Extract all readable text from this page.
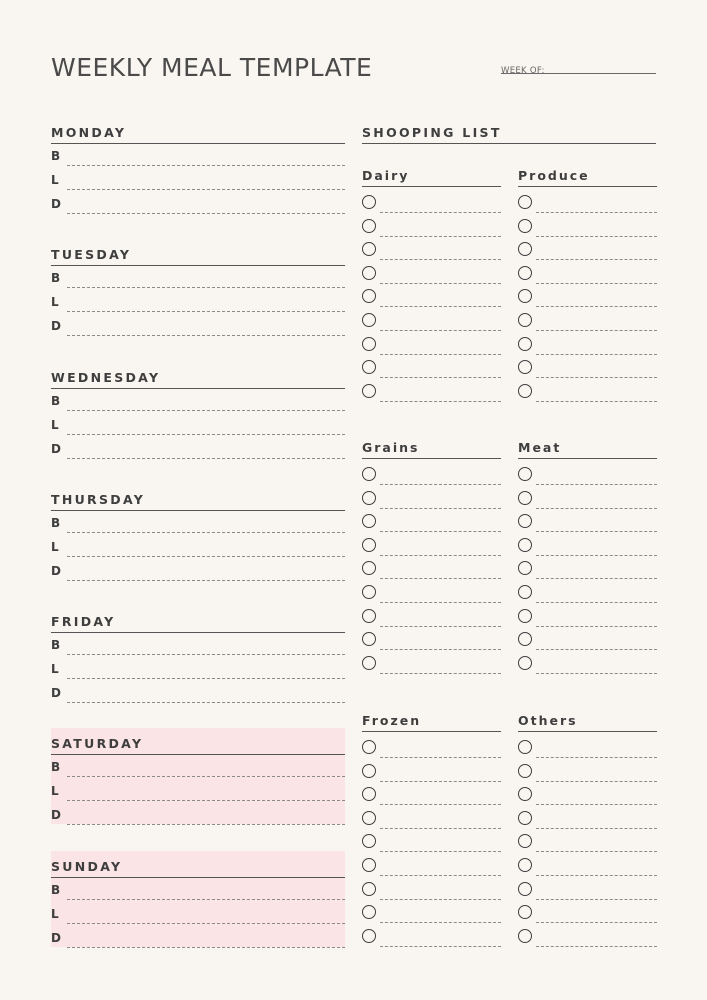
WEEKLY MEAL TEMPLATE	WEEK OF:
MONDAY
B
L
D
TUESDAY
B
L
D
WEDNESDAY
B
L
D
THURSDAY
B
L
D
FRIDAY
B
L
D
SATURDAY
B
L
D
SUNDAY
B
L
D
SHOOPING LIST
Dairy	Produce
Grains	Meat
Frozen	Others
